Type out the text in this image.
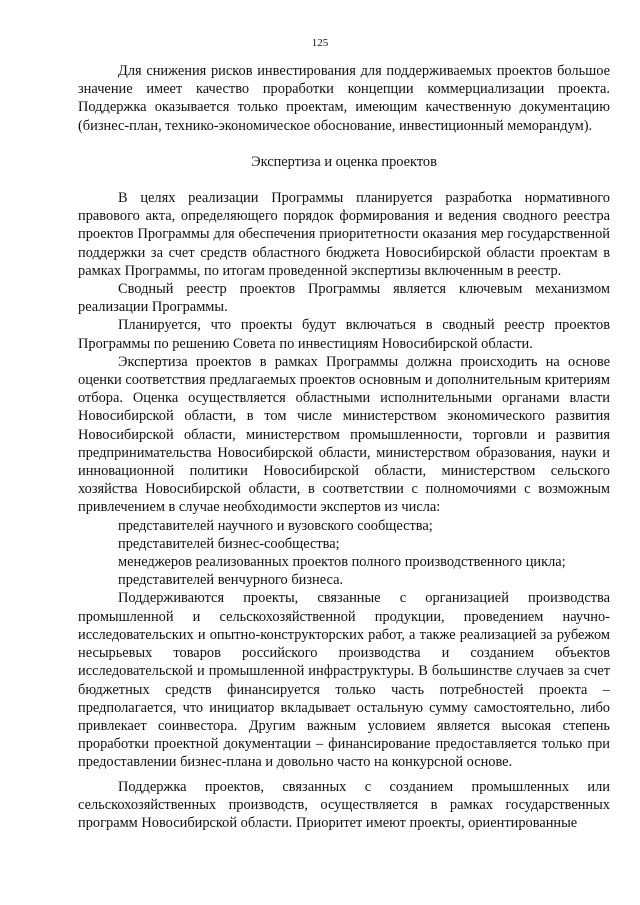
125

Для снижения рисков инвестирования для поддерживаемых проектов большое значение имеет качество проработки концепции коммерциализации проекта. Поддержка оказывается только проектам, имеющим качественную документацию (бизнес-план, технико-экономическое обоснование, инвестиционный меморандум).

Экспертиза и оценка проектов

В целях реализации Программы планируется разработка нормативного правового акта, определяющего порядок формирования и ведения сводного реестра проектов Программы для обеспечения приоритетности оказания мер государственной поддержки за счет средств областного бюджета Новосибирской области проектам в рамках Программы, по итогам проведенной экспертизы включенным в реестр.

Сводный реестр проектов Программы является ключевым механизмом реализации Программы.

Планируется, что проекты будут включаться в сводный реестр проектов Программы по решению Совета по инвестициям Новосибирской области.

Экспертиза проектов в рамках Программы должна происходить на основе оценки соответствия предлагаемых проектов основным и дополнительным критериям отбора. Оценка осуществляется областными исполнительными органами власти Новосибирской области, в том числе министерством экономического развития Новосибирской области, министерством промышленности, торговли и развития предпринимательства Новосибирской области, министерством образования, науки и инновационной политики Новосибирской области, министерством сельского хозяйства Новосибирской области, в соответствии с полномочиями с возможным привлечением в случае необходимости экспертов из числа:

представителей научного и вузовского сообщества;

представителей бизнес-сообщества;

менеджеров реализованных проектов полного производственного цикла;

представителей венчурного бизнеса.

Поддерживаются проекты, связанные с организацией производства промышленной и сельскохозяйственной продукции, проведением научно-исследовательских и опытно-конструкторских работ, а также реализацией за рубежом несырьевых товаров российского производства и созданием объектов исследовательской и промышленной инфраструктуры. В большинстве случаев за счет бюджетных средств финансируется только часть потребностей проекта – предполагается, что инициатор вкладывает остальную сумму самостоятельно, либо привлекает соинвестора. Другим важным условием является высокая степень проработки проектной документации – финансирование предоставляется только при предоставлении бизнес-плана и довольно часто на конкурсной основе.

Поддержка проектов, связанных с созданием промышленных или сельскохозяйственных производств, осуществляется в рамках государственных программ Новосибирской области. Приоритет имеют проекты, ориентированные
